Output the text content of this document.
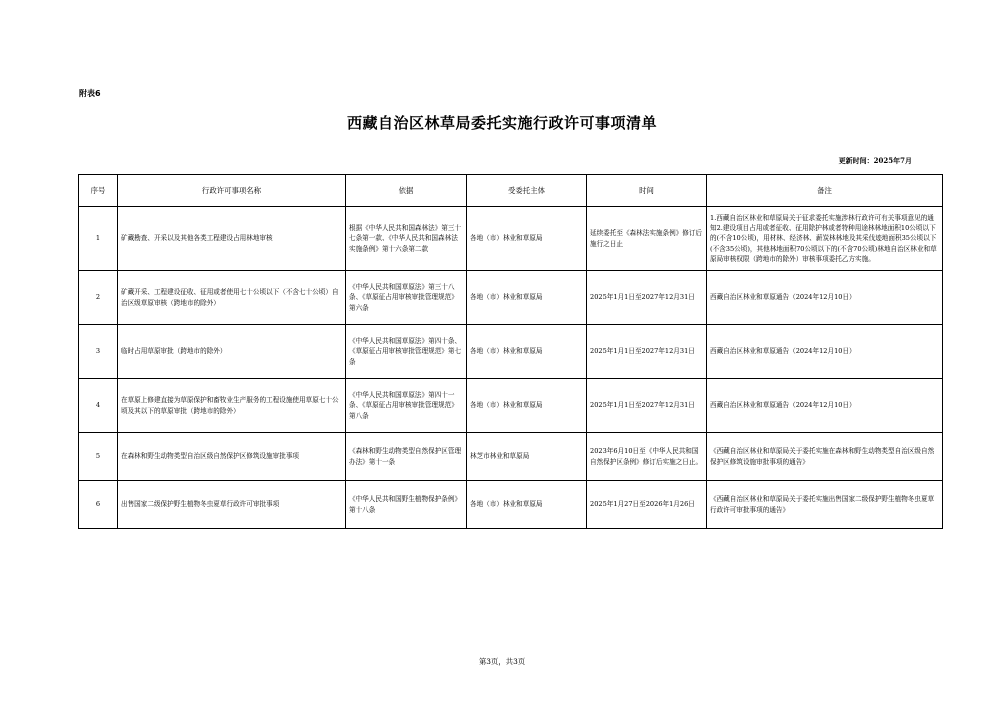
附表6
西藏自治区林草局委托实施行政许可事项清单
更新时间：2025年7月
序号	行政许可事项名称	依据	受委托主体	时间	备注
1	矿藏勘查、开采以及其他各类工程建设占用林地审核	根据《中华人民共和国森林法》第三十七条第一款、《中华人民共和国森林法实施条例》第十六条第二款	各地（市）林业和草原局	延续委托至《森林法实施条例》修订后施行之日止	1.西藏自治区林业和草原局关于征求委托实施涉林行政许可有关事项意见的通知2.建设项目占用或者征收、征用除护林或者特种用途林林地面积10公顷以下的(不含10公顷)，用材林、经济林、薪炭林林地及其采伐迹地面积35公顷以下(不含35公顷)，其他林地面积70公顷以下的(不含70公顷)林地自治区林业和草原局审核权限（跨地市的除外）审核事项委托乙方实施。
2	矿藏开采、工程建设征收、征用或者使用七十公顷以下（不含七十公顷）自治区级草原审核（跨地市的除外）	《中华人民共和国草原法》第三十八条、《草原征占用审核审批管理规范》第六条	各地（市）林业和草原局	2025年1月1日至2027年12月31日	西藏自治区林业和草原通告（2024年12月10日）
3	临时占用草原审批（跨地市的除外）	《中华人民共和国草原法》第四十条、《草原征占用审核审批管理规范》第七条	各地（市）林业和草原局	2025年1月1日至2027年12月31日	西藏自治区林业和草原通告（2024年12月10日）
4	在草原上修建直接为草原保护和畜牧业生产服务的工程设施使用草原七十公顷及其以下的草原审批（跨地市的除外）	《中华人民共和国草原法》第四十一条、《草原征占用审核审批管理规范》第八条	各地（市）林业和草原局	2025年1月1日至2027年12月31日	西藏自治区林业和草原通告（2024年12月10日）
5	在森林和野生动物类型自治区级自然保护区修筑设施审批事项	《森林和野生动物类型自然保护区管理办法》第十一条	林芝市林业和草原局	2023年6月10日至《中华人民共和国自然保护区条例》修订后实施之日止。	《西藏自治区林业和草原局关于委托实施在森林和野生动物类型自治区级自然保护区修筑设施审批事项的通告》
6	出售国家二级保护野生植物冬虫夏草行政许可审批事项	《中华人民共和国野生植物保护条例》第十八条	各地（市）林业和草原局	2025年1月27日至2026年1月26日	《西藏自治区林业和草原局关于委托实施出售国家二级保护野生植物冬虫夏草行政许可审批事项的通告》
第3页，共3页
